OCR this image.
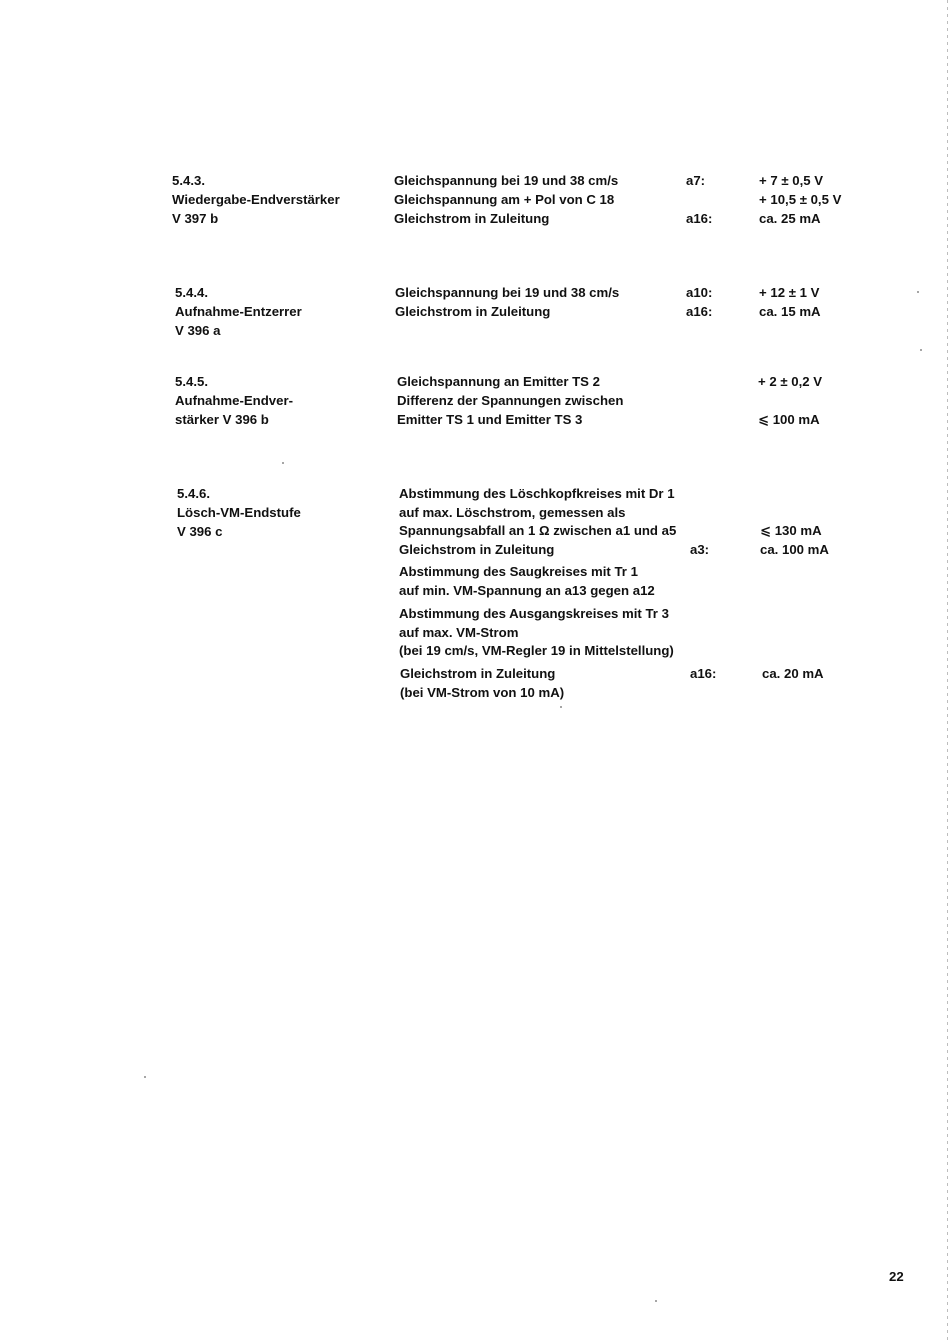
5.4.3.
Wiedergabe-Endverstärker
V 397 b
Gleichspannung bei 19 und 38 cm/s
Gleichspannung am + Pol von C 18
Gleichstrom in Zuleitung
a7:
a16:
+ 7 ± 0,5 V
+ 10,5 ± 0,5 V
ca. 25 mA
5.4.4.
Aufnahme-Entzerrer
V 396 a
Gleichspannung bei 19 und 38 cm/s
Gleichstrom in Zuleitung
a10:
a16:
+ 12 ± 1 V
ca. 15 mA
5.4.5.
Aufnahme-Endver-
stärker V 396 b
Gleichspannung an Emitter TS 2
Differenz der Spannungen zwischen
Emitter TS 1 und Emitter TS 3
+ 2 ± 0,2 V
⩽ 100 mA
5.4.6.
Lösch-VM-Endstufe
V 396 c
Abstimmung des Löschkopfkreises mit Dr 1
auf max. Löschstrom, gemessen als
Spannungsabfall an 1 Ω zwischen a1 und a5
Gleichstrom in Zuleitung	a3:
⩽ 130 mA
ca. 100 mA
Abstimmung des Saugkreises mit Tr 1
auf min. VM-Spannung an a13 gegen a12
Abstimmung des Ausgangskreises mit Tr 3
auf max. VM-Strom
(bei 19 cm/s, VM-Regler 19 in Mittelstellung)
Gleichstrom in Zuleitung
(bei VM-Strom von 10 mA)
a16:	ca. 20 mA
22
